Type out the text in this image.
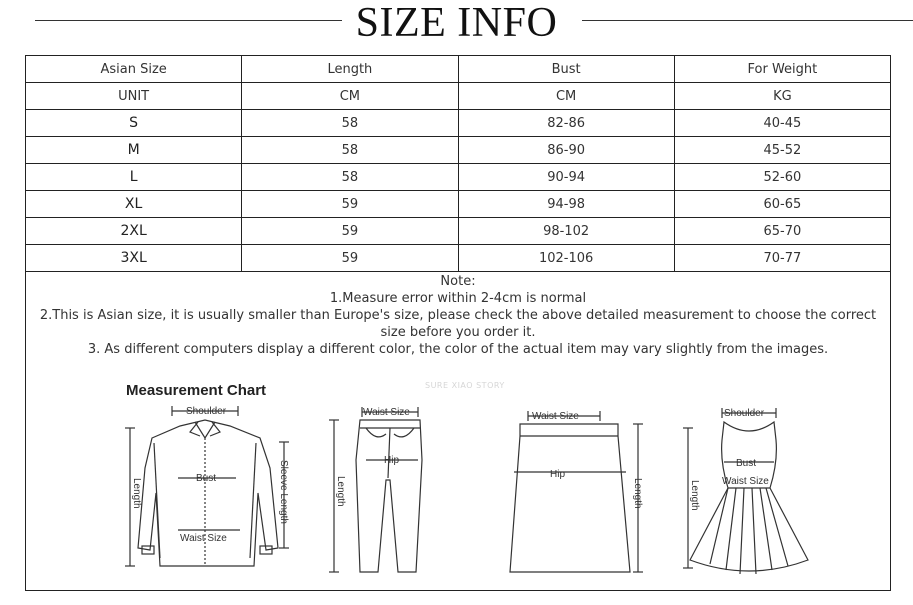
SIZE INFO
Asian Size	Length	Bust	For Weight
UNIT	CM	CM	KG
S	58	82-86	40-45
M	58	86-90	45-52
L	58	90-94	52-60
XL	59	94-98	60-65
2XL	59	98-102	65-70
3XL	59	102-106	70-77
Note:
1.Measure error within 2-4cm is normal
2.This is Asian size, it is usually smaller than Europe's size, please check the above detailed measurement to choose the correct size before you order it.
3. As different computers display a different color, the color of the actual item may vary slightly from the images.
Measurement Chart	SURE XIAO STORY
Shoulder
Bust
Waist Size
Length	Sleeve Length
Waist Size
Hip
Length
Waist Size
Hip
Length
Shoulder
Bust
Waist Size
Length
